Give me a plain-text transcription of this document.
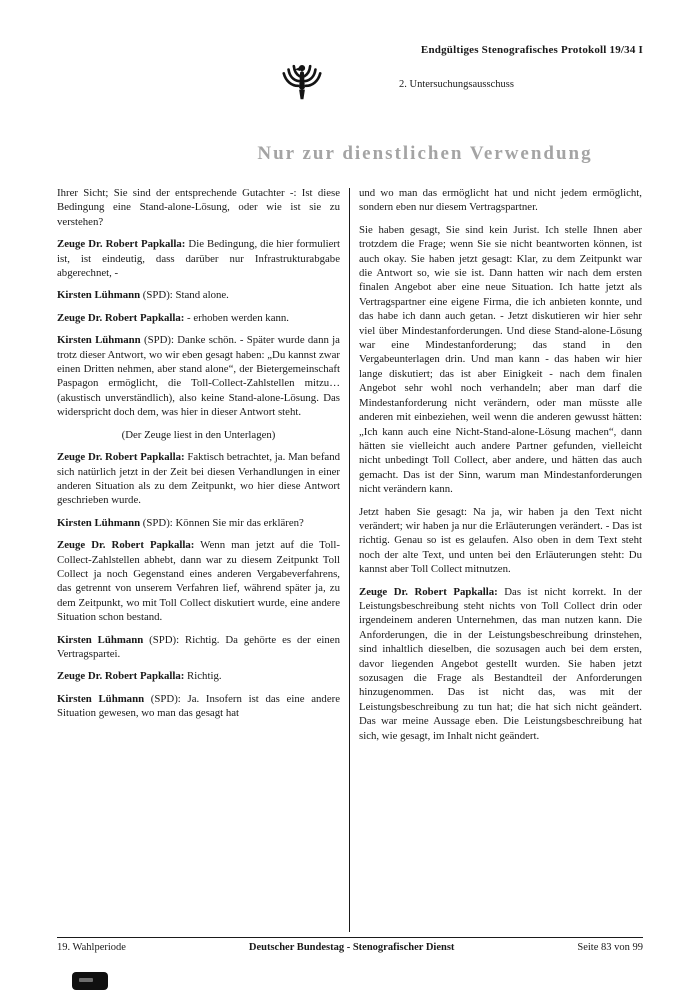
Endgültiges Stenografisches Protokoll 19/34 I
2. Untersuchungsausschuss
Nur zur dienstlichen Verwendung

Ihrer Sicht; Sie sind der entsprechende Gutachter -: Ist diese Bedingung eine Stand-alone-Lösung, oder wie ist sie zu verstehen?

Zeuge Dr. Robert Papkalla: Die Bedingung, die hier formuliert ist, ist eindeutig, dass darüber nur Infrastrukturabgabe abgerechnet, -

Kirsten Lühmann (SPD): Stand alone.

Zeuge Dr. Robert Papkalla: - erhoben werden kann.

Kirsten Lühmann (SPD): Danke schön. - Später wurde dann ja trotz dieser Antwort, wo wir eben gesagt haben: „Du kannst zwar einen Dritten nehmen, aber stand alone“, der Bietergemeinschaft Paspagon ermöglicht, die Toll-Collect-Zahlstellen mitzu… (akustisch unverständlich), also keine Stand-alone-Lösung. Das widerspricht doch dem, was hier in dieser Antwort steht.

(Der Zeuge liest in den Unterlagen)

Zeuge Dr. Robert Papkalla: Faktisch betrachtet, ja. Man befand sich natürlich jetzt in der Zeit bei diesen Verhandlungen in einer anderen Situation als zu dem Zeitpunkt, wo hier diese Antwort geschrieben wurde.

Kirsten Lühmann (SPD): Können Sie mir das erklären?

Zeuge Dr. Robert Papkalla: Wenn man jetzt auf die Toll-Collect-Zahlstellen abhebt, dann war zu diesem Zeitpunkt Toll Collect ja noch Gegenstand eines anderen Vergabeverfahrens, das getrennt von unserem Verfahren lief, während später ja, zu dem Zeitpunkt, wo mit Toll Collect diskutiert wurde, eine andere Situation schon bestand.

Kirsten Lühmann (SPD): Richtig. Da gehörte es der einen Vertragspartei.

Zeuge Dr. Robert Papkalla: Richtig.

Kirsten Lühmann (SPD): Ja. Insofern ist das eine andere Situation gewesen, wo man das gesagt hat

und wo man das ermöglicht hat und nicht jedem ermöglicht, sondern eben nur diesem Vertragspartner.

Sie haben gesagt, Sie sind kein Jurist. Ich stelle Ihnen aber trotzdem die Frage; wenn Sie sie nicht beantworten können, ist auch okay. Sie haben jetzt gesagt: Klar, zu dem Zeitpunkt war die Antwort so, wie sie ist. Dann hatten wir nach dem ersten finalen Angebot aber eine neue Situation. Ich hatte jetzt als Vertragspartner eine eigene Firma, die ich anbieten konnte, und das habe ich dann auch getan. - Jetzt diskutieren wir hier sehr viel über Mindestanforderungen. Und diese Stand-alone-Lösung war eine Mindestanforderung; das stand in den Vergabeunterlagen drin. Und man kann - das haben wir hier lange diskutiert; das ist aber Einigkeit - nach dem finalen Angebot sehr wohl noch verhandeln; aber man darf die Mindestanforderung nicht verändern, oder man müsste alle anderen mit einbeziehen, weil wenn die anderen gewusst hätten: „Ich kann auch eine Nicht-Stand-alone-Lösung machen“, dann hätten sie vielleicht auch andere Partner gefunden, vielleicht nicht unbedingt Toll Collect, aber andere, und hätten das auch gemacht. Das ist der Sinn, warum man Mindestanforderungen nicht verändern kann.

Jetzt haben Sie gesagt: Na ja, wir haben ja den Text nicht verändert; wir haben ja nur die Erläuterungen verändert. - Das ist richtig. Genau so ist es gelaufen. Also oben in dem Text steht noch der alte Text, und unten bei den Erläuterungen steht: Du kannst aber Toll Collect mitnutzen.

Zeuge Dr. Robert Papkalla: Das ist nicht korrekt. In der Leistungsbeschreibung steht nichts von Toll Collect drin oder irgendeinem anderen Unternehmen, das man nutzen kann. Die Anforderungen, die in der Leistungsbeschreibung drinstehen, sind inhaltlich dieselben, die sozusagen auch bei dem ersten, davor liegenden Angebot gestellt wurden. Sie haben jetzt sozusagen die Frage als Bestandteil der Anforderungen hinzugenommen. Das ist nicht das, was mit der Leistungsbeschreibung zu tun hat; die hat sich nicht geändert. Das war meine Aussage eben. Die Leistungsbeschreibung hat sich, wie gesagt, im Inhalt nicht geändert.

19. Wahlperiode	Deutscher Bundestag - Stenografischer Dienst	Seite 83 von 99
